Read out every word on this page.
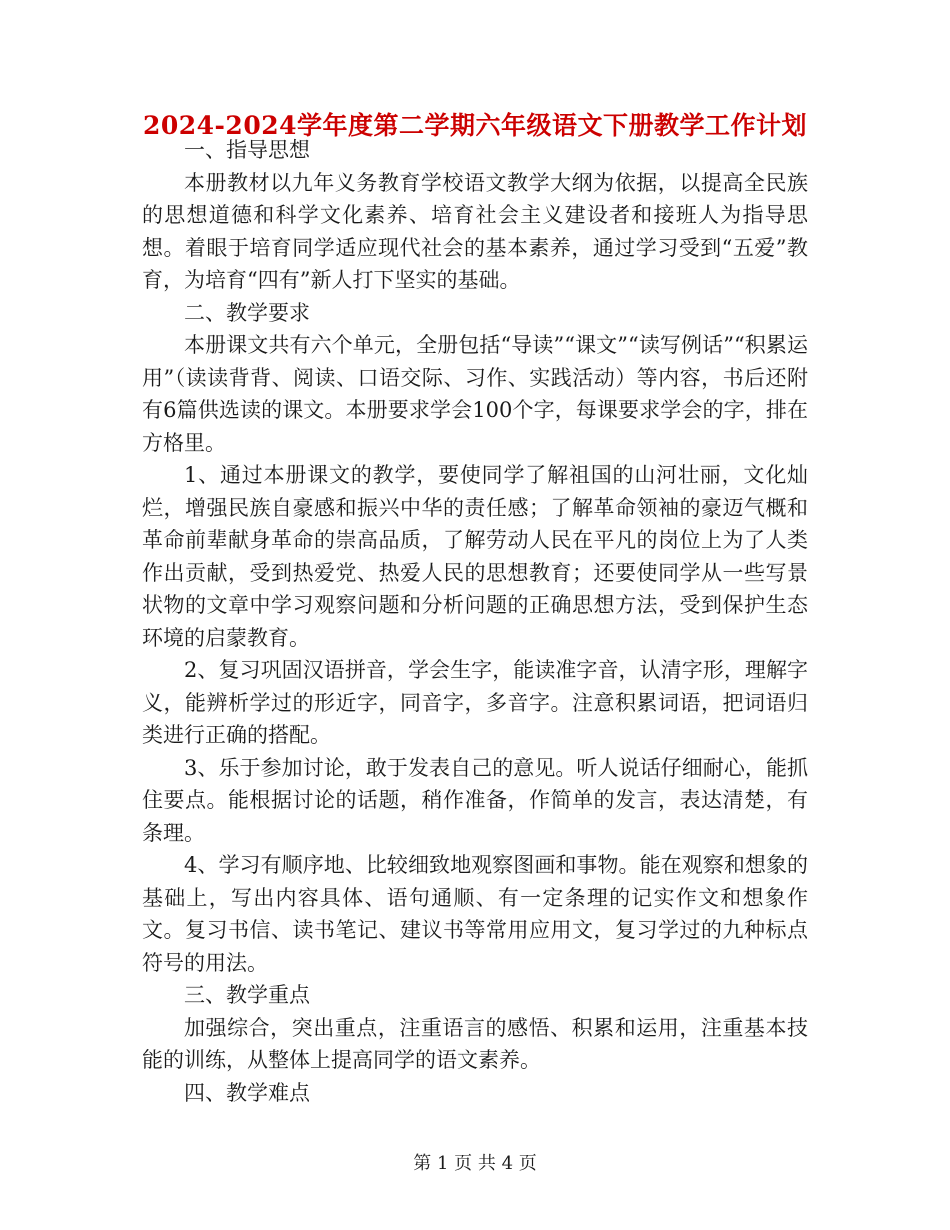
2024-2024学年度第二学期六年级语文下册教学工作计划

一、指导思想

本册教材以九年义务教育学校语文教学大纲为依据，以提高全民族的思想道德和科学文化素养、培育社会主义建设者和接班人为指导思想。着眼于培育同学适应现代社会的基本素养，通过学习受到“五爱”教育，为培育“四有”新人打下坚实的基础。

二、教学要求

本册课文共有六个单元，全册包括“导读”“课文”“读写例话”“积累运用”（读读背背、阅读、口语交际、习作、实践活动）等内容，书后还附有6篇供选读的课文。本册要求学会100个字，每课要求学会的字，排在方格里。

1、通过本册课文的教学，要使同学了解祖国的山河壮丽，文化灿烂，增强民族自豪感和振兴中华的责任感；了解革命领袖的豪迈气概和革命前辈献身革命的崇高品质，了解劳动人民在平凡的岗位上为了人类作出贡献，受到热爱党、热爱人民的思想教育；还要使同学从一些写景状物的文章中学习观察问题和分析问题的正确思想方法，受到保护生态环境的启蒙教育。

2、复习巩固汉语拼音，学会生字，能读准字音，认清字形，理解字义，能辨析学过的形近字，同音字，多音字。注意积累词语，把词语归类进行正确的搭配。

3、乐于参加讨论，敢于发表自己的意见。听人说话仔细耐心，能抓住要点。能根据讨论的话题，稍作准备，作简单的发言，表达清楚，有条理。

4、学习有顺序地、比较细致地观察图画和事物。能在观察和想象的基础上，写出内容具体、语句通顺、有一定条理的记实作文和想象作文。复习书信、读书笔记、建议书等常用应用文，复习学过的九种标点符号的用法。

三、教学重点

加强综合，突出重点，注重语言的感悟、积累和运用，注重基本技能的训练，从整体上提高同学的语文素养。

四、教学难点

第 1 页 共 4 页
